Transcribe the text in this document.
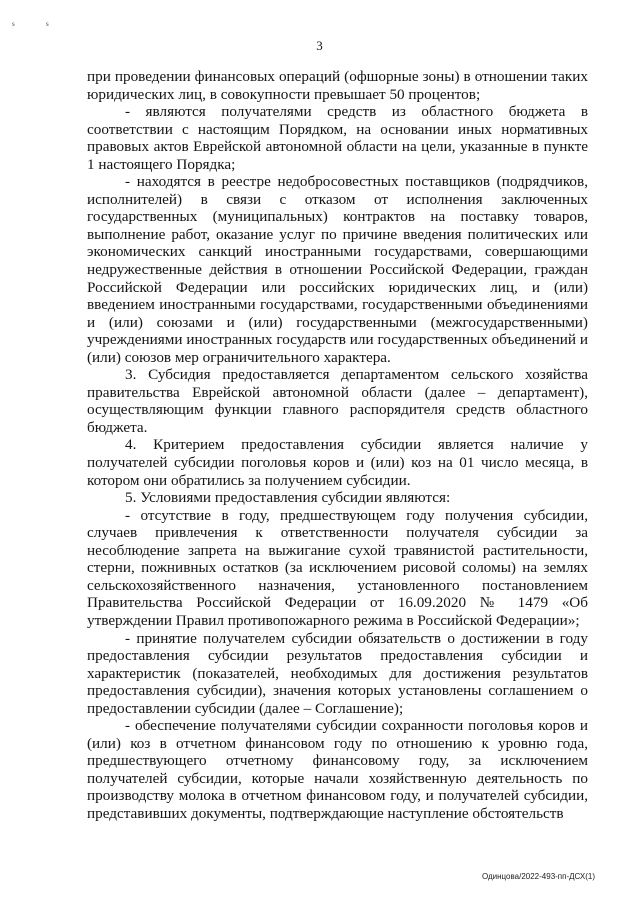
s	s
3

при проведении финансовых операций (офшорные зоны) в отношении таких юридических лиц, в совокупности превышает 50 процентов;

- являются получателями средств из областного бюджета в соответствии с настоящим Порядком, на основании иных нормативных правовых актов Еврейской автономной области на цели, указанные в пункте 1 настоящего Порядка;

- находятся в реестре недобросовестных поставщиков (подрядчиков, исполнителей) в связи с отказом от исполнения заключенных государственных (муниципальных) контрактов на поставку товаров, выполнение работ, оказание услуг по причине введения политических или экономических санкций иностранными государствами, совершающими недружественные действия в отношении Российской Федерации, граждан Российской Федерации или российских юридических лиц, и (или) введением иностранными государствами, государственными объединениями и (или) союзами и (или) государственными (межгосударственными) учреждениями иностранных государств или государственных объединений и (или) союзов мер ограничительного характера.

3. Субсидия предоставляется департаментом сельского хозяйства правительства Еврейской автономной области (далее – департамент), осуществляющим функции главного распорядителя средств областного бюджета.

4. Критерием предоставления субсидии является наличие у получателей субсидии поголовья коров и (или) коз на 01 число месяца, в котором они обратились за получением субсидии.

5. Условиями предоставления субсидии являются:

- отсутствие в году, предшествующем году получения субсидии, случаев привлечения к ответственности получателя субсидии за несоблюдение запрета на выжигание сухой травянистой растительности, стерни, пожнивных остатков (за исключением рисовой соломы) на землях сельскохозяйственного назначения, установленного постановлением Правительства Российской Федерации от 16.09.2020 № 1479 «Об утверждении Правил противопожарного режима в Российской Федерации»;

- принятие получателем субсидии обязательств о достижении в году предоставления субсидии результатов предоставления субсидии и характеристик (показателей, необходимых для достижения результатов предоставления субсидии), значения которых установлены соглашением о предоставлении субсидии (далее – Соглашение);

- обеспечение получателями субсидии сохранности поголовья коров и (или) коз в отчетном финансовом году по отношению к уровню года, предшествующего отчетному финансовому году, за исключением получателей субсидии, которые начали хозяйственную деятельность по производству молока в отчетном финансовом году, и получателей субсидии, представивших документы, подтверждающие наступление обстоятельств

Одинцова/2022-493-пп-ДСХ(1)
